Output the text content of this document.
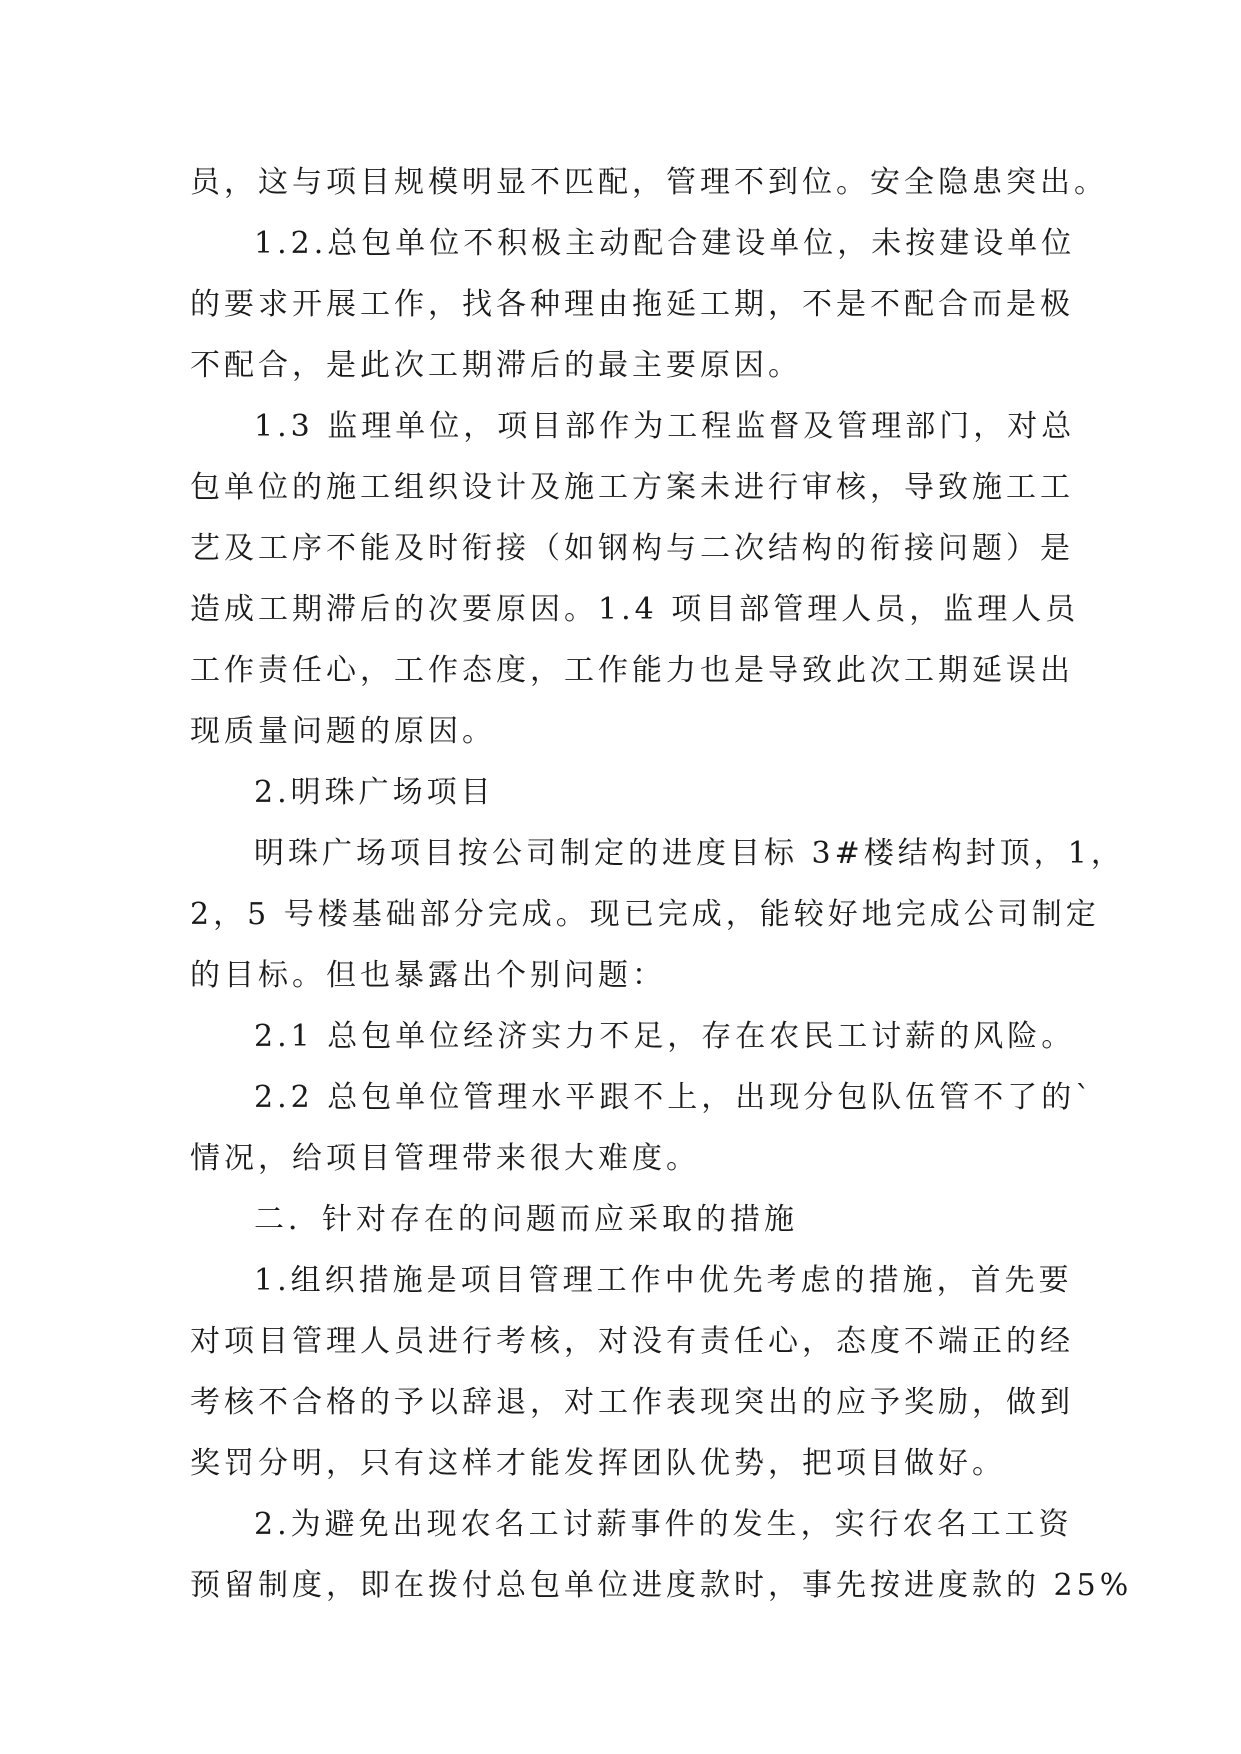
员，这与项目规模明显不匹配，管理不到位。安全隐患突出。
1.2.总包单位不积极主动配合建设单位，未按建设单位
的要求开展工作，找各种理由拖延工期，不是不配合而是极
不配合，是此次工期滞后的最主要原因。
1.3 监理单位，项目部作为工程监督及管理部门，对总
包单位的施工组织设计及施工方案未进行审核，导致施工工
艺及工序不能及时衔接（如钢构与二次结构的衔接问题）是
造成工期滞后的次要原因。1.4 项目部管理人员，监理人员
工作责任心，工作态度，工作能力也是导致此次工期延误出
现质量问题的原因。
2.明珠广场项目
明珠广场项目按公司制定的进度目标 3#楼结构封顶，1，
2，5 号楼基础部分完成。现已完成，能较好地完成公司制定
的目标。但也暴露出个别问题：
2.1 总包单位经济实力不足，存在农民工讨薪的风险。
2.2 总包单位管理水平跟不上，出现分包队伍管不了的`
情况，给项目管理带来很大难度。
二．针对存在的问题而应采取的措施
1.组织措施是项目管理工作中优先考虑的措施，首先要
对项目管理人员进行考核，对没有责任心，态度不端正的经
考核不合格的予以辞退，对工作表现突出的应予奖励，做到
奖罚分明，只有这样才能发挥团队优势，把项目做好。
2.为避免出现农名工讨薪事件的发生，实行农名工工资
预留制度，即在拨付总包单位进度款时，事先按进度款的 25%
